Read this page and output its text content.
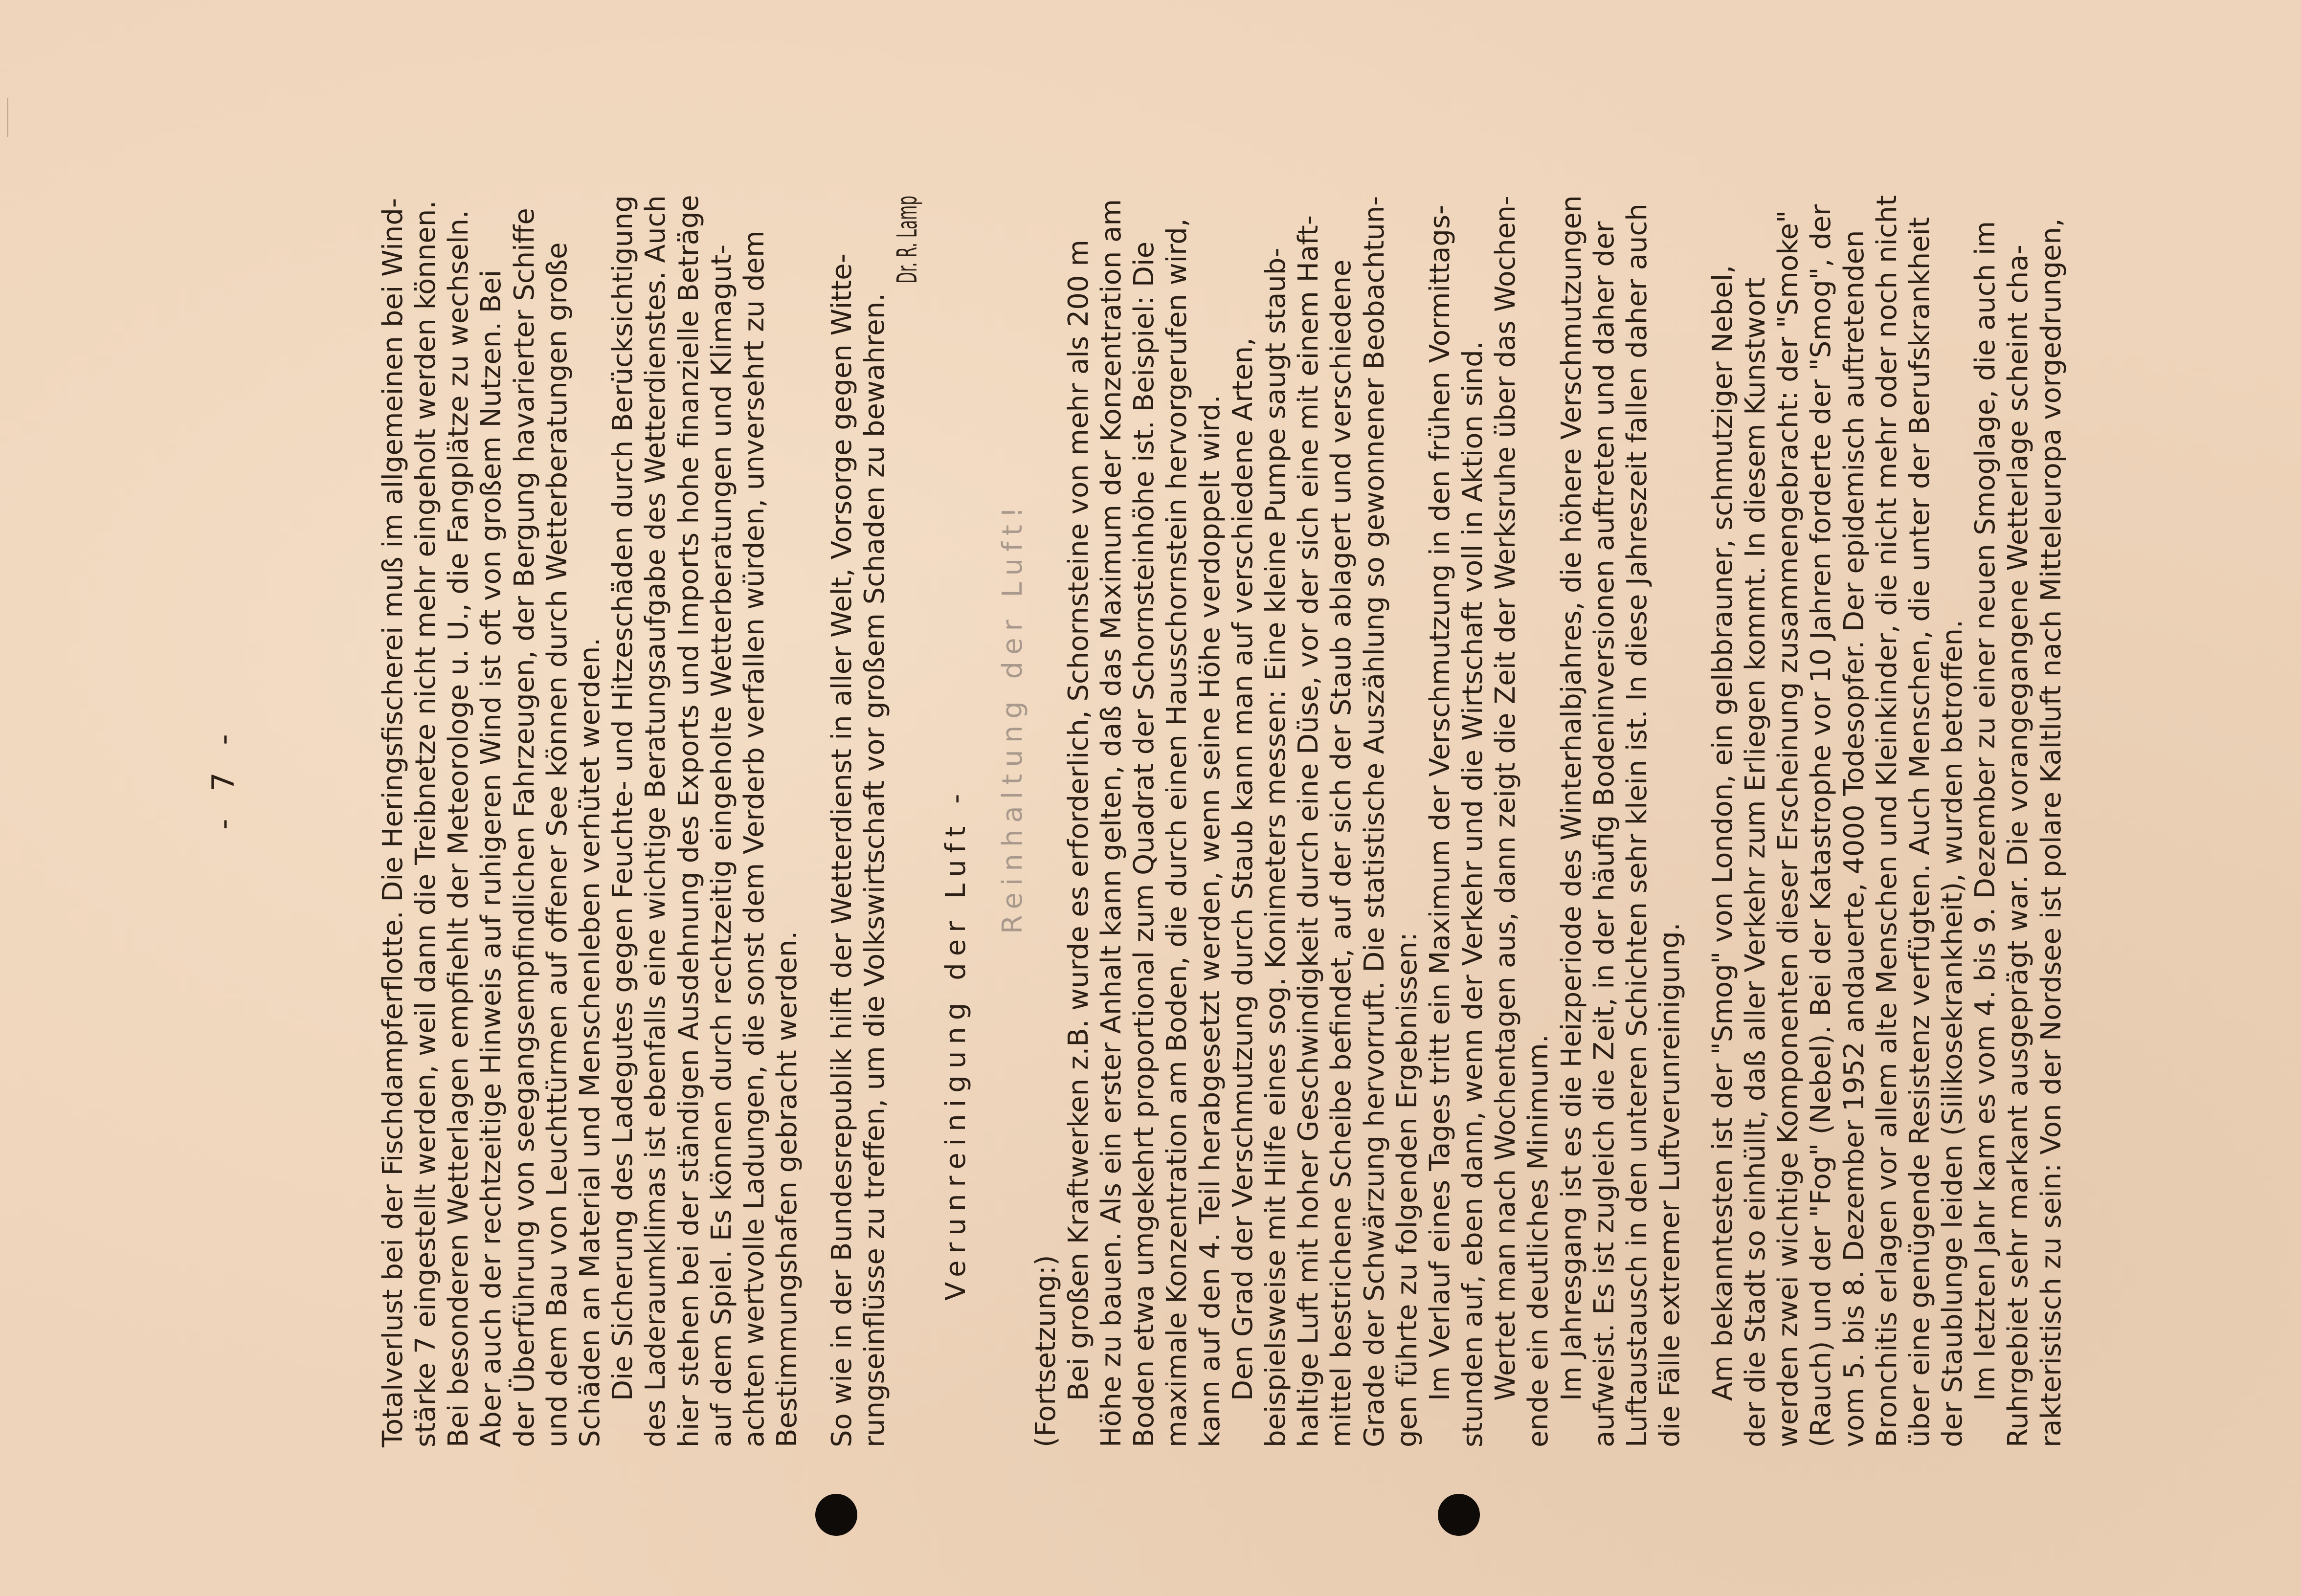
- 7 -	Totalverlust bei der Fischdampferflotte. Die Heringsfischerei muß im allgemeinen bei Wind- stärke 7 eingestellt werden, weil dann die Treibnetze nicht mehr eingeholt werden können. Bei besonderen Wetterlagen empfiehlt der Meteorologe u. U., die Fangplätze zu wechseln. Aber auch der rechtzeitige Hinweis auf ruhigeren Wind ist oft von großem Nutzen. Bei der Überführung von seegangsempfindlichen Fahrzeugen, der Bergung havarierter Schiffe und dem Bau von Leuchttürmen auf offener See können durch Wetterberatungen große Schäden an Material und Menschenleben verhütet werden. Die Sicherung des Ladegutes gegen Feuchte- und Hitzeschäden durch Berücksichtigung des Laderaumklimas ist ebenfalls eine wichtige Beratungsaufgabe des Wetterdienstes. Auch hier stehen bei der ständigen Ausdehnung des Exports und Imports hohe finanzielle Beträge auf dem Spiel. Es können durch rechtzeitig eingeholte Wetterberatungen und Klimagut- achten wertvolle Ladungen, die sonst dem Verderb verfallen würden, unversehrt zu dem Bestimmungshafen gebracht werden. So wie in der Bundesrepublik hilft der Wetterdienst in aller Welt, Vorsorge gegen Witte- rungseinflüsse zu treffen, um die Volkswirtschaft vor großem Schaden zu bewahren.
Dr. R. Lamp
Verunreinigung der Luft -
Reinhaltung der Luft!
(Fortsetzung:) Bei großen Kraftwerken z.B. wurde es erforderlich, Schornsteine von mehr als 200 m Höhe zu bauen. Als ein erster Anhalt kann gelten, daß das Maximum der Konzentration am Boden etwa umgekehrt proportional zum Quadrat der Schornsteinhöhe ist. Beispiel: Die maximale Konzentration am Boden, die durch einen Hausschornstein hervorgerufen wird, kann auf den 4. Teil herabgesetzt werden, wenn seine Höhe verdoppelt wird. Den Grad der Verschmutzung durch Staub kann man auf verschiedene Arten, beispielsweise mit Hilfe eines sog. Konimeters messen: Eine kleine Pumpe saugt staub- haltige Luft mit hoher Geschwindigkeit durch eine Düse, vor der sich eine mit einem Haft- mittel bestrichene Scheibe befindet, auf der sich der Staub ablagert und verschiedene Grade der Schwärzung hervorruft. Die statistische Auszählung so gewonnener Beobachtun- gen führte zu folgenden Ergebnissen: Im Verlauf eines Tages tritt ein Maximum der Verschmutzung in den frühen Vormittags- stunden auf, eben dann, wenn der Verkehr und die Wirtschaft voll in Aktion sind. Wertet man nach Wochentagen aus, dann zeigt die Zeit der Werksruhe über das Wochen- ende ein deutliches Minimum. Im Jahresgang ist es die Heizperiode des Winterhalbjahres, die höhere Verschmutzungen aufweist. Es ist zugleich die Zeit, in der häufig Bodeninversionen auftreten und daher der Luftaustausch in den unteren Schichten sehr klein ist. In diese Jahreszeit fallen daher auch die Fälle extremer Luftverunreinigung. Am bekanntesten ist der "Smog" von London, ein gelbbrauner, schmutziger Nebel, der die Stadt so einhüllt, daß aller Verkehr zum Erliegen kommt. In diesem Kunstwort werden zwei wichtige Komponenten dieser Erscheinung zusammengebracht: der "Smoke" (Rauch) und der "Fog" (Nebel). Bei der Katastrophe vor 10 Jahren forderte der "Smog", der vom 5. bis 8. Dezember 1952 andauerte, 4000 Todesopfer. Der epidemisch auftretenden Bronchitis erlagen vor allem alte Menschen und Kleinkinder, die nicht mehr oder noch nicht über eine genügende Resistenz verfügten. Auch Menschen, die unter der Berufskrankheit der Staublunge leiden (Silikosekrankheit), wurden betroffen. Im letzten Jahr kam es vom 4. bis 9. Dezember zu einer neuen Smoglage, die auch im Ruhrgebiet sehr markant ausgeprägt war. Die vorangegangene Wetterlage scheint cha- rakteristisch zu sein: Von der Nordsee ist polare Kaltluft nach Mitteleuropa vorgedrungen,
